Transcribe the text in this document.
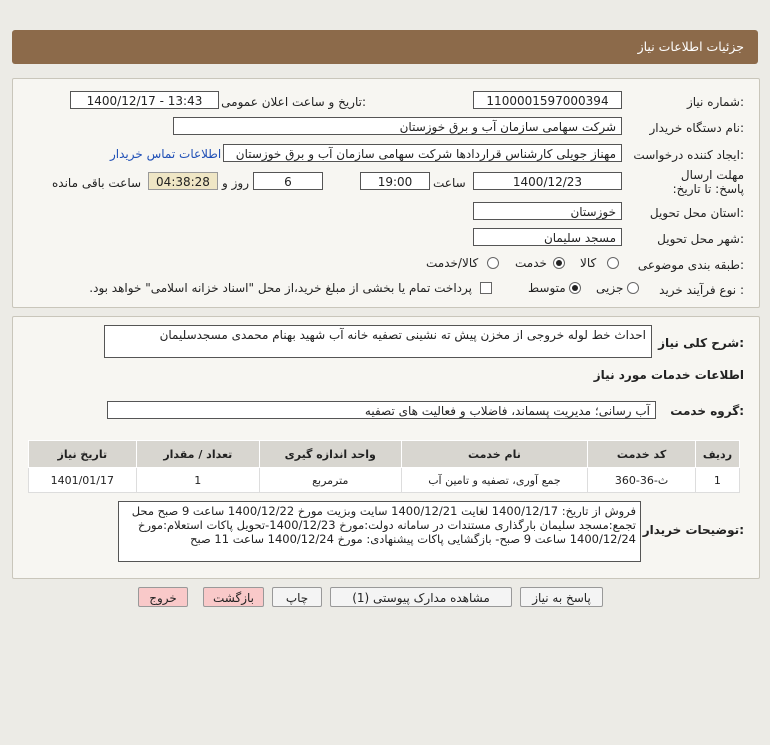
جزئیات اطلاعات نیاز
شماره نیاز:
1100001597000394
تاریخ و ساعت اعلان عمومی:
1400/12/17 - 13:43
نام دستگاه خریدار:
شرکت سهامی سازمان آب و برق خوزستان
ایجاد کننده درخواست:
مهناز جویلی کارشناس قراردادها شرکت سهامی سازمان آب و برق خوزستان
اطلاعات تماس خریدار
مهلت ارسال پاسخ: تا تاریخ:
1400/12/23
ساعت
19:00
6
روز و
04:38:28
ساعت باقی مانده
استان محل تحویل:
خوزستان
شهر محل تحویل:
مسجد سلیمان
طبقه بندی موضوعی:
کالا
خدمت
کالا/خدمت
نوع فرآیند خرید :
جزیی
متوسط
پرداخت تمام یا بخشی از مبلغ خرید،از محل "اسناد خزانه اسلامی" خواهد بود.
شرح کلی نیاز:
احداث خط لوله خروجی از مخزن پیش ته نشینی تصفیه خانه آب شهید بهنام محمدی مسجدسلیمان
اطلاعات خدمات مورد نیاز
گروه خدمت:
آب رسانی؛ مدیریت پسماند، فاضلاب و فعالیت های تصفیه
ردیف	کد خدمت	نام خدمت	واحد اندازه گیری	تعداد / مقدار	تاریخ نیاز
1	ث-36-360	جمع آوری، تصفیه و تامین آب	مترمربع	1	1401/01/17
توضیحات خریدار:
فروش از تاریخ: 1400/12/17 لغایت 1400/12/21 سایت وبزیت مورخ 1400/12/22 ساعت 9 صبح محل تجمع:مسجد سلیمان بارگذاری مستندات در سامانه دولت:مورخ 1400/12/23-تحویل پاکات استعلام:مورخ 1400/12/24 ساعت 9 صبح- بازگشایی پاکات پیشنهادی: مورخ 1400/12/24 ساعت 11 صبح
پاسخ به نیاز
مشاهده مدارک پیوستی (1)
چاپ
بازگشت
خروج
